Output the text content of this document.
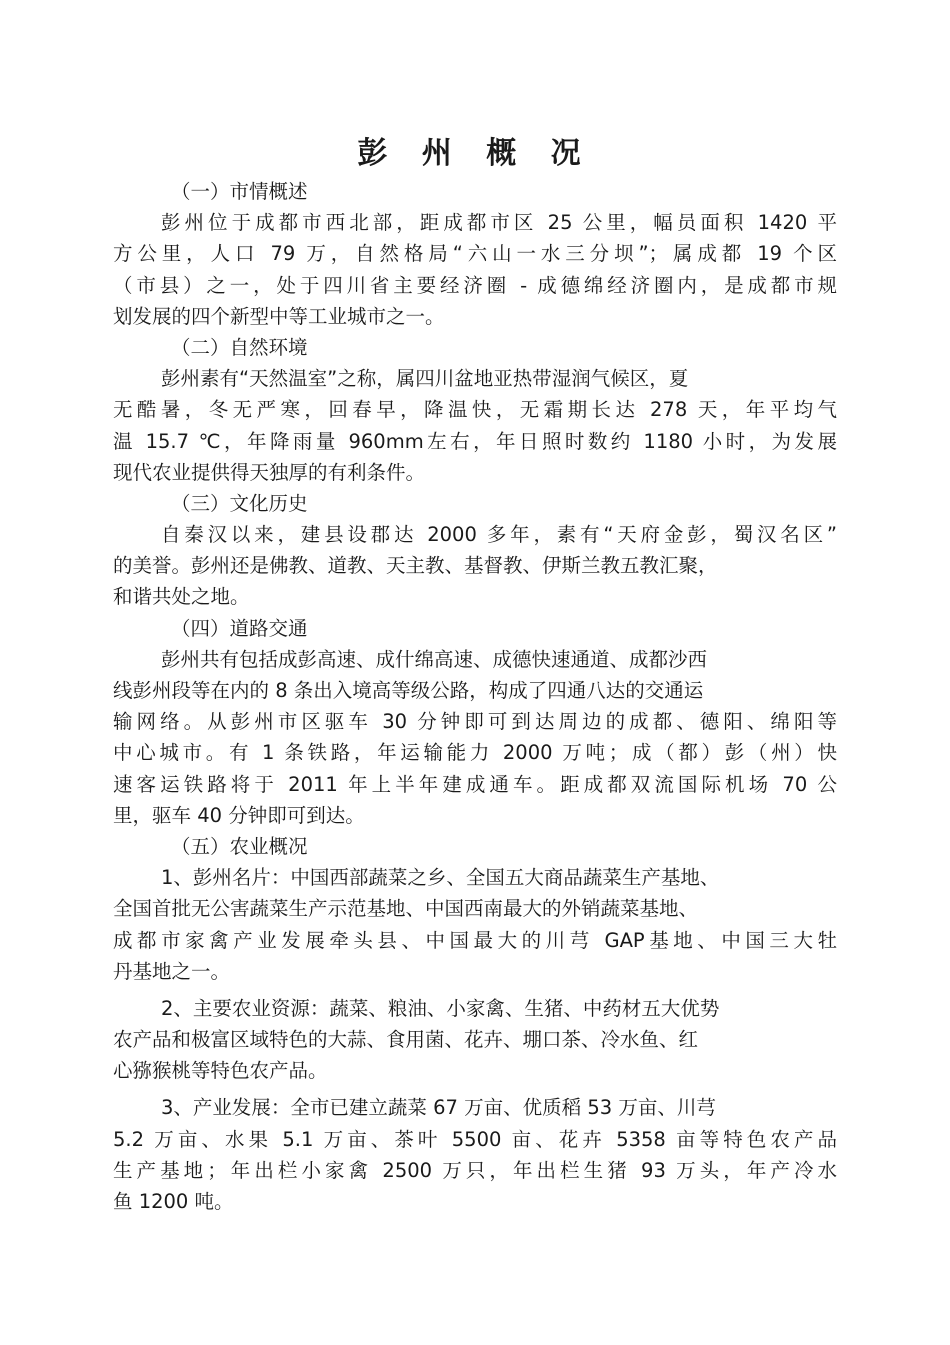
彭 州 概 况
（一）市情概述
彭州位于成都市西北部，距成都市区 25 公里，幅员面积 1420 平
方公里，人口 79 万，自然格局“六山一水三分坝”；属成都 19 个区
（市县）之一，处于四川省主要经济圈 - 成德绵经济圈内，是成都市规
划发展的四个新型中等工业城市之一。
（二）自然环境
彭州素有“天然温室”之称，属四川盆地亚热带湿润气候区，夏
无酷暑，冬无严寒，回春早，降温快，无霜期长达 278 天，年平均气
温 15.7 ℃，年降雨量 960mm左右，年日照时数约 1180 小时，为发展
现代农业提供得天独厚的有利条件。
（三）文化历史
自秦汉以来，建县设郡达 2000 多年，素有“天府金彭，蜀汉名区”
的美誉。彭州还是佛教、道教、天主教、基督教、伊斯兰教五教汇聚，
和谐共处之地。
（四）道路交通
彭州共有包括成彭高速、成什绵高速、成德快速通道、成都沙西
线彭州段等在内的 8 条出入境高等级公路，构成了四通八达的交通运
输网络。从彭州市区驱车 30 分钟即可到达周边的成都、德阳、绵阳等
中心城市。有 1 条铁路，年运输能力 2000 万吨；成（都）彭（州）快
速客运铁路将于 2011 年上半年建成通车。距成都双流国际机场 70 公
里，驱车 40 分钟即可到达。
（五）农业概况
1、彭州名片：中国西部蔬菜之乡、全国五大商品蔬菜生产基地、
全国首批无公害蔬菜生产示范基地、中国西南最大的外销蔬菜基地、
成都市家禽产业发展牵头县、中国最大的川芎 GAP基地、中国三大牡
丹基地之一。
2、主要农业资源：蔬菜、粮油、小家禽、生猪、中药材五大优势
农产品和极富区域特色的大蒜、食用菌、花卉、堋口茶、冷水鱼、红
心猕猴桃等特色农产品。
3、产业发展：全市已建立蔬菜 67 万亩、优质稻 53 万亩、川芎
5.2 万亩、水果 5.1 万亩、茶叶 5500 亩、花卉 5358 亩等特色农产品
生产基地；年出栏小家禽 2500 万只，年出栏生猪 93 万头，年产冷水
鱼 1200 吨。
